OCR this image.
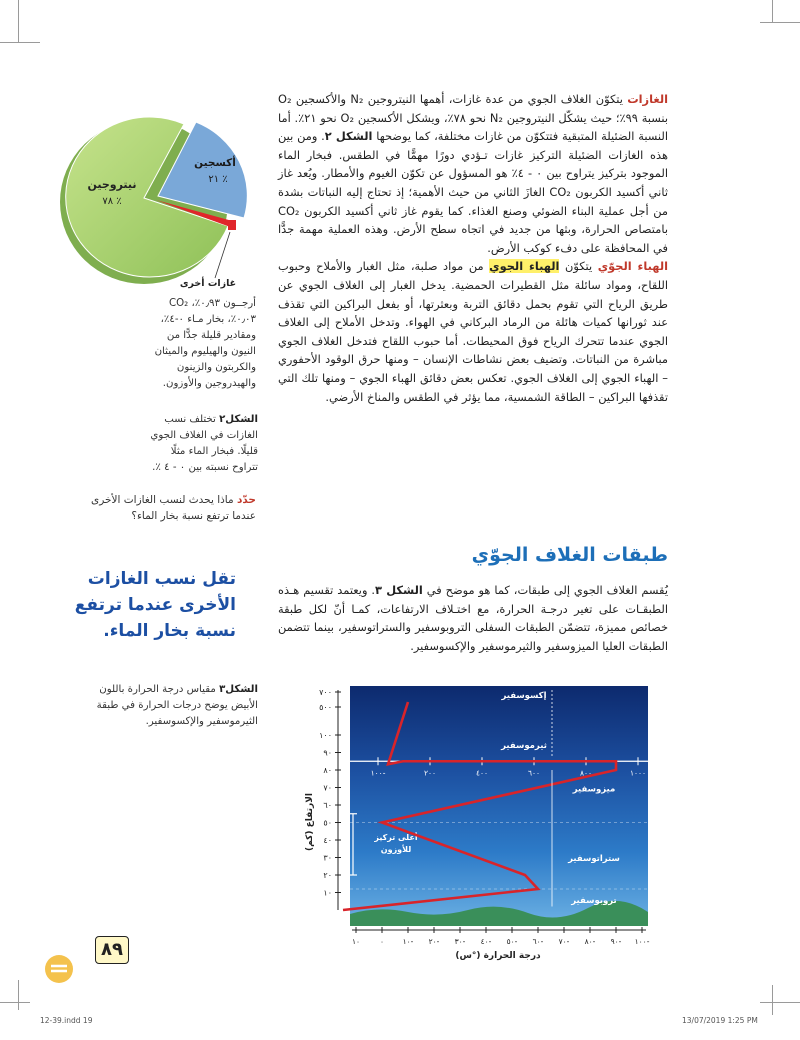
نيتروجين
٧٨ ٪
أكسجين
٢١ ٪
غازات أخرى
أرجــون ٠٫٩٣٪، CO₂ ٠٫٠٣٪، بخار مـاء ٠-٤٪، ومقادير قليلة جدًّا من النيون والهيليوم والميثان والكربتون والزينون والهيدروجين والأوزون.
الشكل٢ تختلف نسب الغازات في الغلاف الجوي قليلًا. فبخار الماء مثلًا تتراوح نسبته بين ٠ - ٤ ٪.
حدّد ماذا يحدث لنسب الغازات الأخرى عندما ترتفع نسبة بخار الماء؟
تقل نسب الغازات الأخرى عندما ترتفع نسبة بخار الماء.
الشكل٣ مقياس درجة الحرارة باللون الأبيض يوضح درجات الحرارة في طبقة الثيرموسفير والإكسوسفير.

الغازات يتكوّن الغلاف الجوي من عدة غازات، أهمها النيتروجين N₂ والأكسجين O₂ بنسبة ٩٩٪؛ حيث يشكّل النيتروجين N₂ نحو ٧٨٪، ويشكل الأكسجين O₂ نحو ٢١٪. أما النسبة الضئيلة المتبقية فتتكوّن من غازات مختلفة، كما يوضحها الشكل ٢. ومن بين هذه الغازات الضئيلة التركيز غازات تـؤدي دورًا مهمًّا في الطقس. فبخار الماء الموجود بتركيز يتراوح بين ٠ - ٤٪ هو المسؤول عن تكوّن الغيوم والأمطار. ويُعد غاز ثاني أكسيد الكربون CO₂ الغازَ الثاني من حيث الأهمية؛ إذ تحتاج إليه النباتات بشدة من أجل عملية البناء الضوئي وصنع الغذاء. كما يقوم غاز ثاني أكسيد الكربون CO₂ بامتصاص الحرارة، وبثها من جديد في اتجاه سطح الأرض. وهذه العملية مهمة جدًّا في المحافظة على دفء كوكب الأرض.

الهباء الجوّي يتكوّن الهباء الجوي من مواد صلبة، مثل الغبار والأملاح وحبوب اللقاح، ومواد سائلة مثل القطيرات الحمضية. يدخل الغبار إلى الغلاف الجوي عن طريق الرياح التي تقوم بحمل دقائق التربة وبعثرتها، أو بفعل البراكين التي تقذف عند ثورانها كميات هائلة من الرماد البركاني في الهواء. وتدخل الأملاح إلى الغلاف الجوي عندما تتحرك الرياح فوق المحيطات. أما حبوب اللقاح فتدخل الغلاف الجوي مباشرة من النباتات. وتضيف بعض نشاطات الإنسان – ومنها حرق الوقود الأحفوري – الهباء الجوي إلى الغلاف الجوي. تعكس بعض دقائق الهباء الجوي – ومنها تلك التي تقذفها البراكين – الطاقة الشمسية، مما يؤثر في الطقس والمناخ الأرضي.

طبقات الغلاف الجوّي
يُقسم الغلاف الجوي إلى طبقات، كما هو موضح في الشكل ٣. ويعتمد تقسيم هـذه الطبقـات على تغير درجـة الحرارة، مع اختـلاف الارتفاعات، كمـا أنّ لكل طبقة خصائص مميزة، تتضمّن الطبقات السفلى التروبوسفير والستراتوسفير، بينما تتضمن الطبقات العليا الميزوسفير والثيرموسفير والإكسوسفير.
أعلى تركيز
للأوزون
١٠
٢٠
٣٠
٤٠
٥٠
٦٠
٧٠
٨٠
٩٠
١٠٠
٥٠٠
٧٠٠
١٠	٠ ١٠- ٢٠- ٣٠- ٤٠- ٥٠- ٦٠- ٧٠- ٨٠- ٩٠- ١٠٠-
١٠٠٠
٨٠٠
٦٠٠
٤٠٠
٢٠٠
١٠٠-
إكسوسفير
ثيرموسفير
ميزوسفير
ستراتوسفير
تروبوسفير
درجة الحرارة (°س)
الارتفاع (كم)
٨٩
12-39.indd 19	13/07/2019 1:25 PM
